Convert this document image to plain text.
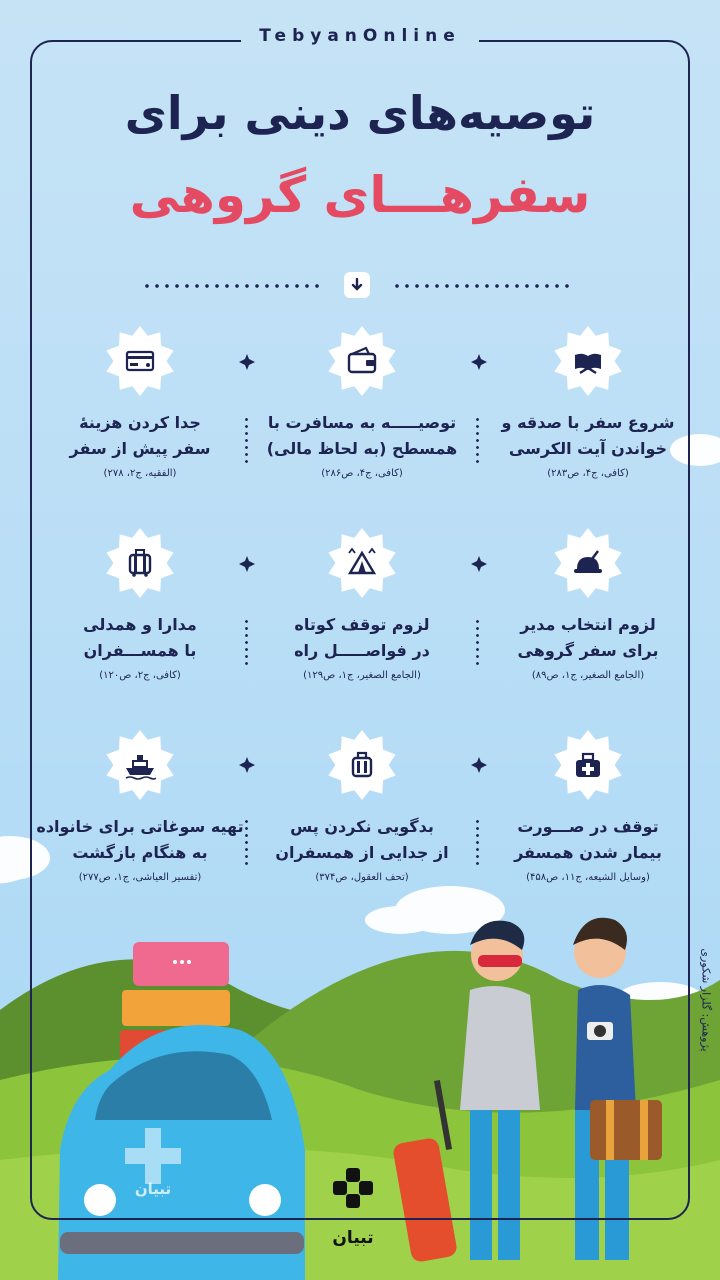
TebyanOnline
توصیه‌های دینی برای
سفرهـــای گروهی
شروع سفر با صدقه و
خواندن آیت الکرسی
(کافی، ج۴، ص۲۸۳)
توصیـــــه به مسافرت با
همسطح (به لحاظ مالی)
(کافی، ج۴، ص۲۸۶)
جدا کردن هزینۀ
سفر پیش از سفر
(الفقیه، ج۲، ۲۷۸)
لزوم انتخاب مدیر
برای سفر گروهی
(الجامع الصغیر، ج۱، ص۸۹)
لزوم توقف کوتاه
در فواصـــــل راه
(الجامع الصغیر، ج۱، ص۱۲۹)
مدارا و همدلی
با همســـفران
(کافی، ج۲، ص۱۲۰)
توقف در صـــورت
بیمار شدن همسفر
(وسایل الشیعه، ج۱۱، ص۴۵۸)
بدگویی نکردن پس
از جدایی از همسفران
(تحف العقول، ص۳۷۴)
تهیه سوغاتی برای خانواده
به هنگام بازگشت
(تفسیر العیاشی، ج۱، ص۲۷۷)
پژوهش: گلزار شکوری
تبیان
تبیان
